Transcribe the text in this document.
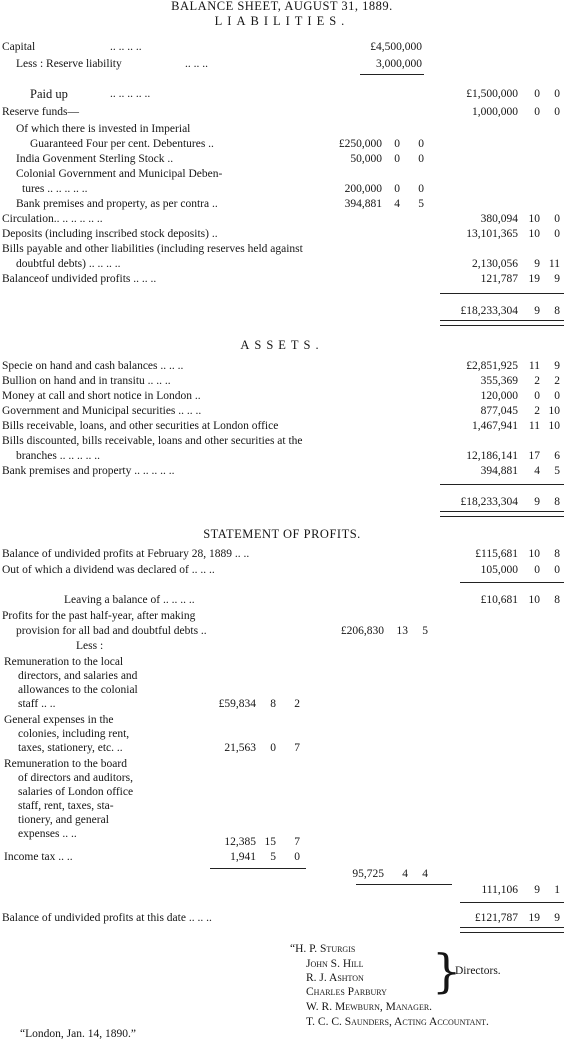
BALANCE SHEET, AUGUST 31, 1889.
LIABILITIES.
Capital	.. .. .. ..	£4,500,000
Less : Reserve liability	.. .. ..	3,000,000
Paid up	.. .. .. .. ..	£1,500,000	0	0
Reserve funds—	1,000,000	0	0
Of which there is invested in Imperial
Guaranteed Four per cent. Debentures ..	£250,000	0	0
India Govenment Sterling Stock ..	50,000	0	0
Colonial Government and Municipal Deben-
tures .. .. .. .. ..	200,000	0	0
Bank premises and property, as per contra ..	394,881	4	5
Circulation.. .. .. .. .. ..	380,094 10	0
Deposits (including inscribed stock deposits) ..	13,101,365 10	0
Bills payable and other liabilities (including reserves held against
doubtful debts) .. .. .. ..	2,130,056	9 11
Balanceof undivided profits .. .. ..	121,787 19	9
£18,233,304	9	8
ASSETS.
Specie on hand and cash balances .. .. ..	£2,851,925 11	9
Bullion on hand and in transitu .. .. ..	355,369	2	2
Money at call and short notice in London ..	120,000	0	0
Government and Municipal securities .. .. ..	877,045	2 10
Bills receivable, loans, and other securities at London office	1,467,941 11 10
Bills discounted, bills receivable, loans and other securities at the
branches .. .. .. .. ..	12,186,141 17	6
Bank premises and property .. .. .. .. ..	394,881	4	5
£18,233,304	9	8
STATEMENT OF PROFITS.
Balance of undivided profits at February 28, 1889 .. ..	£115,681 10	8
Out of which a dividend was declared of .. .. ..	105,000	0	0
Leaving a balance of .. .. .. ..	£10,681 10	8
Profits for the past half-year, after making
provision for all bad and doubtful debts ..	£206,830	13	5
Less :
Remuneration to the local
directors, and salaries and
allowances to the colonial
staff .. ..	£59,834	8	2
General expenses in the
colonies, including rent,
taxes, stationery, etc. ..	21,563	0	7
Remuneration to the board
of directors and auditors,
salaries of London office
staff, rent, taxes, sta-
tionery, and general
expenses .. ..
12,385 15	7
Income tax .. ..	1,941	5	0
95,725	4	4
111,106	9	1
Balance of undivided profits at this date .. .. ..	£121,787 19	9
“H. P. Sturgis
John S. Hill
R. J. Ashton
Charles Parbury }
Directors.
W. R. Mewburn, Manager.
T. C. C. Saunders, Acting Accountant.
“London, Jan. 14, 1890.”
